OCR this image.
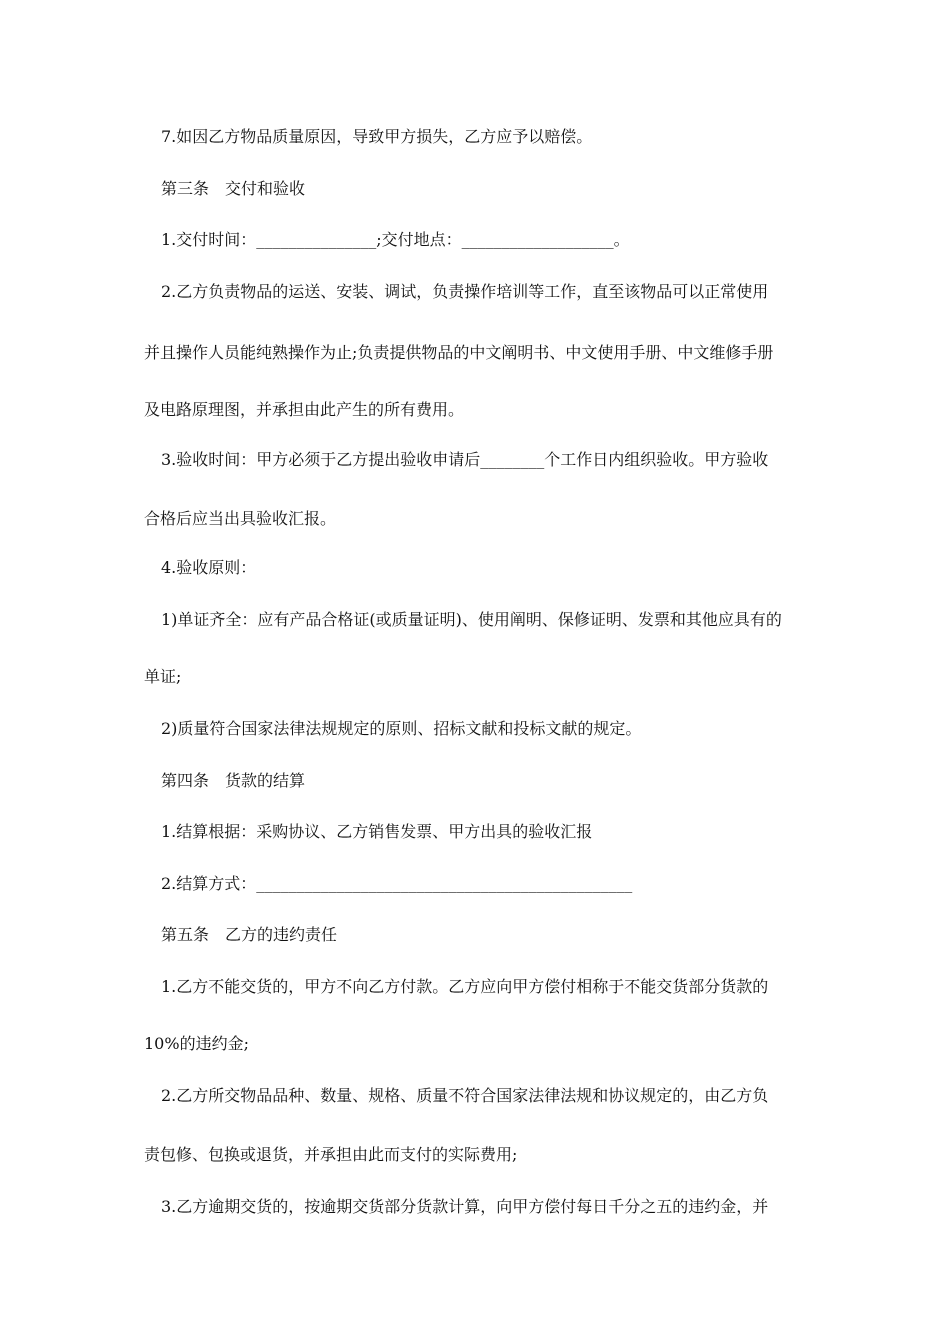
7.如因乙方物品质量原因，导致甲方损失，乙方应予以赔偿。

第三条　交付和验收

1.交付时间：_______________;交付地点：___________________。

2.乙方负责物品的运送、安装、调试，负责操作培训等工作，直至该物品可以正常使用

并且操作人员能纯熟操作为止;负责提供物品的中文阐明书、中文使用手册、中文维修手册

及电路原理图，并承担由此产生的所有费用。

3.验收时间：甲方必须于乙方提出验收申请后________个工作日内组织验收。甲方验收

合格后应当出具验收汇报。

4.验收原则：

1)单证齐全：应有产品合格证(或质量证明)、使用阐明、保修证明、发票和其他应具有的

单证;

2)质量符合国家法律法规规定的原则、招标文献和投标文献的规定。

第四条　货款的结算

1.结算根据：采购协议、乙方销售发票、甲方出具的验收汇报

2.结算方式：_______________________________________________

第五条　乙方的违约责任

1.乙方不能交货的，甲方不向乙方付款。乙方应向甲方偿付相称于不能交货部分货款的

10%的违约金;

2.乙方所交物品品种、数量、规格、质量不符合国家法律法规和协议规定的，由乙方负

责包修、包换或退货，并承担由此而支付的实际费用;

3.乙方逾期交货的，按逾期交货部分货款计算，向甲方偿付每日千分之五的违约金，并
